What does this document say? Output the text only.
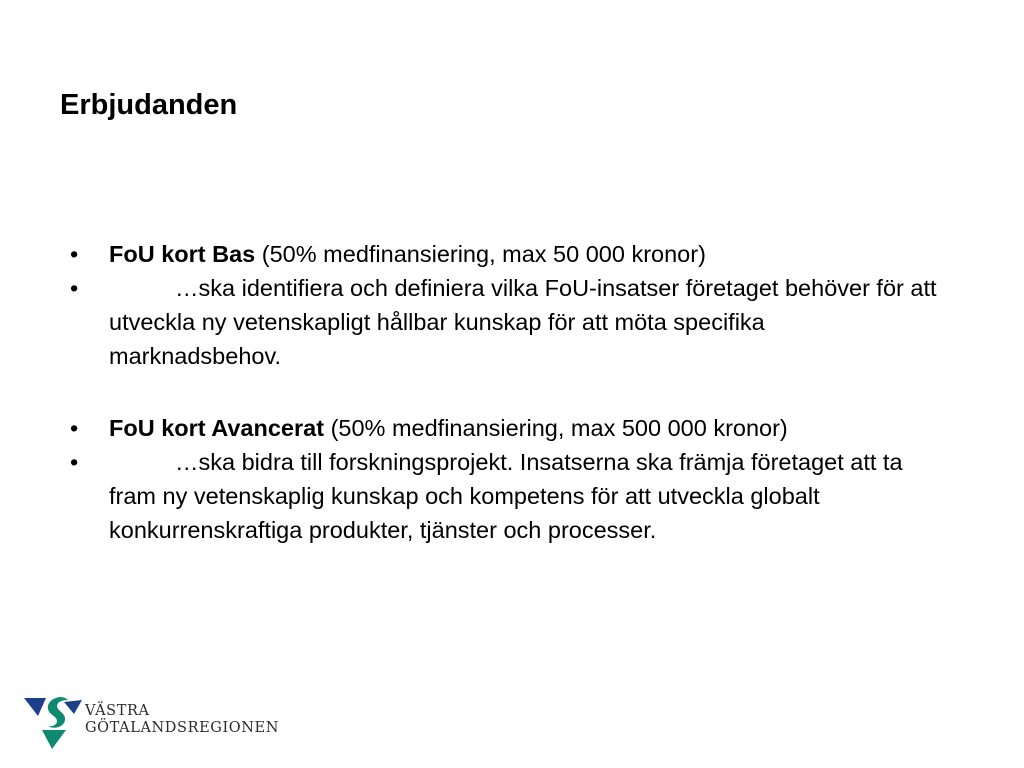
Erbjudanden
• FoU kort Bas (50% medfinansiering, max 50 000 kronor)
•	…ska identifiera och definiera vilka FoU-insatser företaget behöver för att utveckla ny vetenskapligt hållbar kunskap för att möta specifika marknadsbehov.
• FoU kort Avancerat (50% medfinansiering, max 500 000 kronor)
•	…ska bidra till forskningsprojekt. Insatserna ska främja företaget att ta fram ny vetenskaplig kunskap och kompetens för att utveckla globalt konkurrenskraftiga produkter, tjänster och processer.
VÄSTRA
GÖTALANDSREGIONEN
